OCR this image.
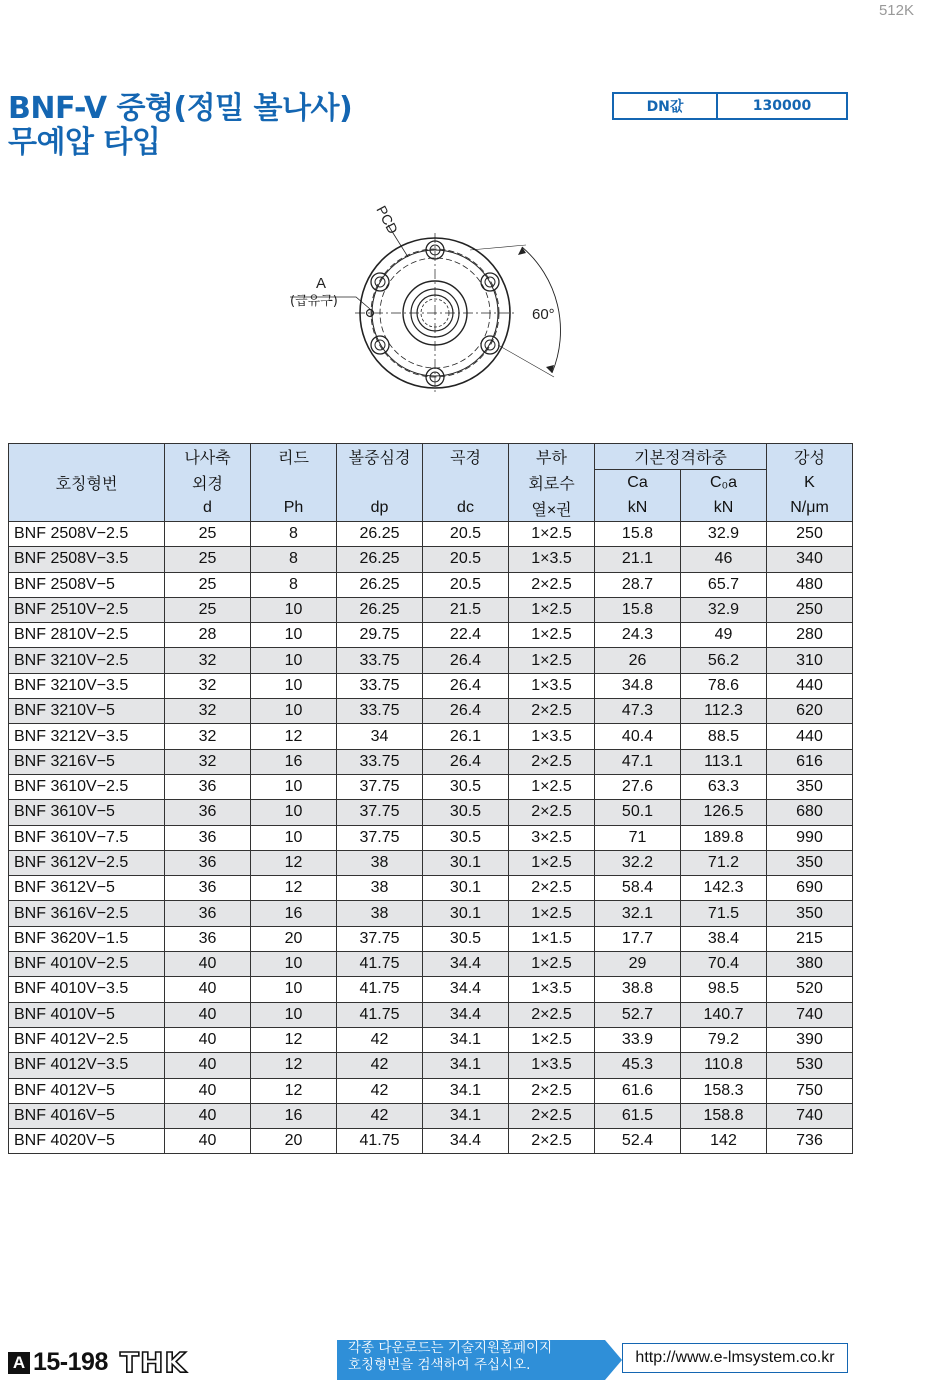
512K
BNF-V 중형(정밀 볼나사)
무예압 타입
DN값	130000
PCD
A
(급유구)
60°
	나사축	리드	볼중심경	곡경	부하	기본정격하중		강성
호칭형번	외경				회로수	Ca	C₀a	K
	d	Ph	dp	dc	열×권	kN	kN	N/μm
BNF 2508V−2.5	25	8	26.25	20.5	1×2.5	15.8	32.9	250
BNF 2508V−3.5	25	8	26.25	20.5	1×3.5	21.1	46	340
BNF 2508V−5	25	8	26.25	20.5	2×2.5	28.7	65.7	480
BNF 2510V−2.5	25	10	26.25	21.5	1×2.5	15.8	32.9	250
BNF 2810V−2.5	28	10	29.75	22.4	1×2.5	24.3	49	280
BNF 3210V−2.5	32	10	33.75	26.4	1×2.5	26	56.2	310
BNF 3210V−3.5	32	10	33.75	26.4	1×3.5	34.8	78.6	440
BNF 3210V−5	32	10	33.75	26.4	2×2.5	47.3	112.3	620
BNF 3212V−3.5	32	12	34	26.1	1×3.5	40.4	88.5	440
BNF 3216V−5	32	16	33.75	26.4	2×2.5	47.1	113.1	616
BNF 3610V−2.5	36	10	37.75	30.5	1×2.5	27.6	63.3	350
BNF 3610V−5	36	10	37.75	30.5	2×2.5	50.1	126.5	680
BNF 3610V−7.5	36	10	37.75	30.5	3×2.5	71	189.8	990
BNF 3612V−2.5	36	12	38	30.1	1×2.5	32.2	71.2	350
BNF 3612V−5	36	12	38	30.1	2×2.5	58.4	142.3	690
BNF 3616V−2.5	36	16	38	30.1	1×2.5	32.1	71.5	350
BNF 3620V−1.5	36	20	37.75	30.5	1×1.5	17.7	38.4	215
BNF 4010V−2.5	40	10	41.75	34.4	1×2.5	29	70.4	380
BNF 4010V−3.5	40	10	41.75	34.4	1×3.5	38.8	98.5	520
BNF 4010V−5	40	10	41.75	34.4	2×2.5	52.7	140.7	740
BNF 4012V−2.5	40	12	42	34.1	1×2.5	33.9	79.2	390
BNF 4012V−3.5	40	12	42	34.1	1×3.5	45.3	110.8	530
BNF 4012V−5	40	12	42	34.1	2×2.5	61.6	158.3	750
BNF 4016V−5	40	16	42	34.1	2×2.5	61.5	158.8	740
BNF 4020V−5	40	20	41.75	34.4	2×2.5	52.4	142	736
A 15-198 THK	각종 다운로드는 기술지원홈페이지
호칭형번을 검색하여 주십시오.	http://www.e-lmsystem.co.kr
